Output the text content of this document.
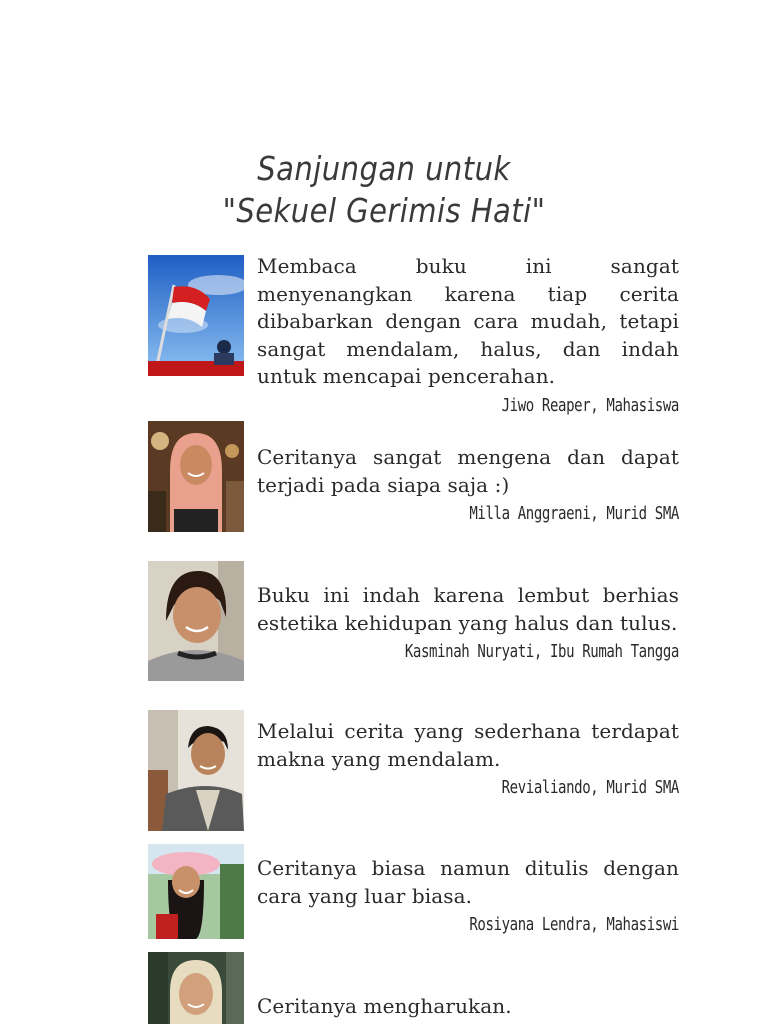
Sanjungan untuk
"Sekuel Gerimis Hati"

Membaca buku ini sangat menyenangkan karena tiap cerita dibabarkan dengan cara mudah, tetapi sangat mendalam, halus, dan indah untuk mencapai pencerahan.

Jiwo Reaper, Mahasiswa

Ceritanya sangat mengena dan dapat terjadi pada siapa saja :)

Milla Anggraeni, Murid SMA

Buku ini indah karena lembut berhias estetika kehidupan yang halus dan tulus.

Kasminah Nuryati, Ibu Rumah Tangga

Melalui cerita yang sederhana terdapat makna yang mendalam.

Revialiando, Murid SMA

Ceritanya biasa namun ditulis dengan cara yang luar biasa.

Rosiyana Lendra, Mahasiswi

Ceritanya mengharukan.
